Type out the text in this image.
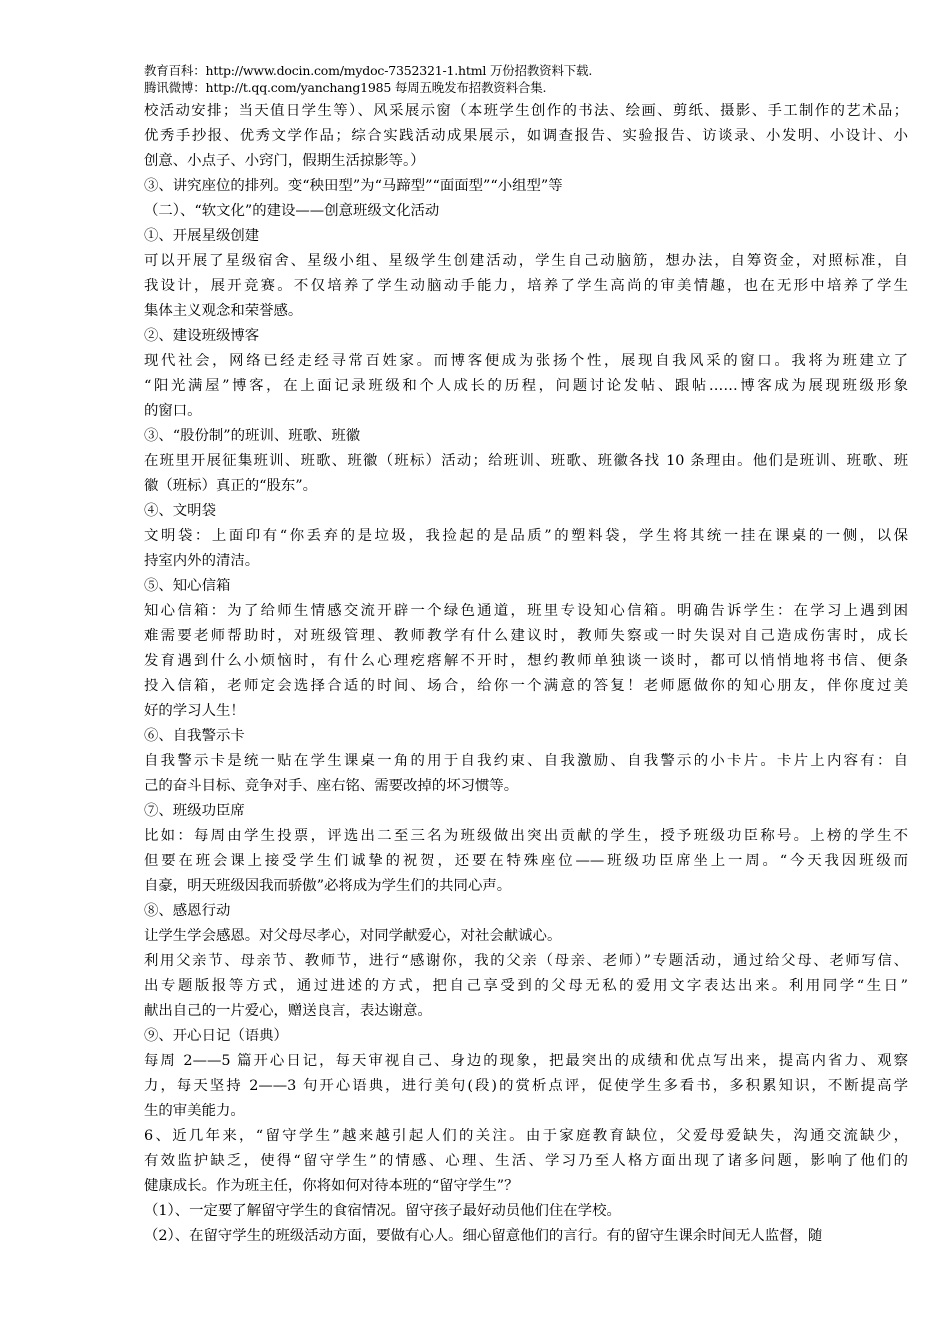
教育百科：http://www.docin.com/mydoc-7352321-1.html 万份招教资料下载.
腾讯微博：http://t.qq.com/yanchang1985 每周五晚发布招教资料合集.
校活动安排；当天值日学生等）、风采展示窗（本班学生创作的书法、绘画、剪纸、摄影、手工制作的艺术品；
优秀手抄报、优秀文学作品；综合实践活动成果展示，如调查报告、实验报告、访谈录、小发明、小设计、小
创意、小点子、小窍门，假期生活掠影等。）
③、讲究座位的排列。变“秧田型”为“马蹄型”“面面型”“小组型”等
（二）、“软文化”的建设——创意班级文化活动
①、开展星级创建
可以开展了星级宿舍、星级小组、星级学生创建活动，学生自己动脑筋，想办法，自筹资金，对照标准，自
我设计，展开竞赛。不仅培养了学生动脑动手能力，培养了学生高尚的审美情趣，也在无形中培养了学生
集体主义观念和荣誉感。
②、建设班级博客
现代社会，网络已经走经寻常百姓家。而博客便成为张扬个性，展现自我风采的窗口。我将为班建立了
“阳光满屋”博客，在上面记录班级和个人成长的历程，问题讨论发帖、跟帖……博客成为展现班级形象
的窗口。
③、“股份制”的班训、班歌、班徽
在班里开展征集班训、班歌、班徽（班标）活动；给班训、班歌、班徽各找 10 条理由。他们是班训、班歌、班
徽（班标）真正的“股东”。
④、文明袋
文明袋：上面印有“你丢弃的是垃圾，我捡起的是品质”的塑料袋，学生将其统一挂在课桌的一侧，以保
持室内外的清洁。
⑤、知心信箱
知心信箱：为了给师生情感交流开辟一个绿色通道，班里专设知心信箱。明确告诉学生：在学习上遇到困
难需要老师帮助时，对班级管理、教师教学有什么建议时，教师失察或一时失误对自己造成伤害时，成长
发育遇到什么小烦恼时，有什么心理疙瘩解不开时，想约教师单独谈一谈时，都可以悄悄地将书信、便条
投入信箱，老师定会选择合适的时间、场合，给你一个满意的答复！老师愿做你的知心朋友，伴你度过美
好的学习人生！
⑥、自我警示卡
自我警示卡是统一贴在学生课桌一角的用于自我约束、自我激励、自我警示的小卡片。卡片上内容有：自
己的奋斗目标、竞争对手、座右铭、需要改掉的坏习惯等。
⑦、班级功臣席
比如：每周由学生投票，评选出二至三名为班级做出突出贡献的学生，授予班级功臣称号。上榜的学生不
但要在班会课上接受学生们诚挚的祝贺，还要在特殊座位——班级功臣席坐上一周。“今天我因班级而
自豪，明天班级因我而骄傲”必将成为学生们的共同心声。
⑧、感恩行动
让学生学会感恩。对父母尽孝心，对同学献爱心，对社会献诚心。
利用父亲节、母亲节、教师节，进行“感谢你，我的父亲（母亲、老师）”专题活动，通过给父母、老师写信、
出专题版报等方式，通过进述的方式，把自己享受到的父母无私的爱用文字表达出来。利用同学“生日”
献出自己的一片爱心，赠送良言，表达谢意。
⑨、开心日记（语典）
每周 2——5 篇开心日记，每天审视自己、身边的现象，把最突出的成绩和优点写出来，提高内省力、观察
力，每天坚持 2——3 句开心语典，进行美句(段)的赏析点评，促使学生多看书，多积累知识，不断提高学
生的审美能力。
6、近几年来，“留守学生”越来越引起人们的关注。由于家庭教育缺位，父爱母爱缺失，沟通交流缺少，
有效监护缺乏，使得“留守学生”的情感、心理、生活、学习乃至人格方面出现了诸多问题，影响了他们的
健康成长。作为班主任，你将如何对待本班的“留守学生”？
（1）、一定要了解留守学生的食宿情况。留守孩子最好动员他们住在学校。
（2）、在留守学生的班级活动方面，要做有心人。细心留意他们的言行。有的留守生课余时间无人监督，随
